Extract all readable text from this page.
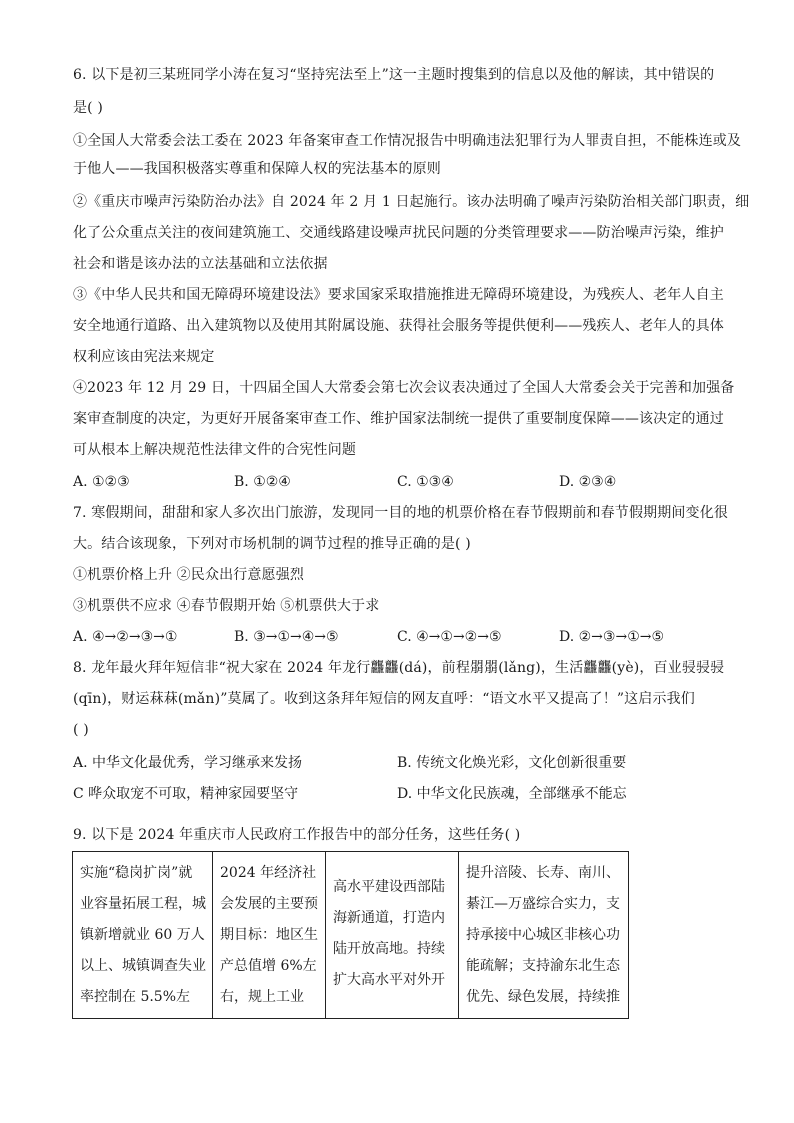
6. 以下是初三某班同学小涛在复习“坚持宪法至上”这一主题时搜集到的信息以及他的解读，其中错误的
是( )
①全国人大常委会法工委在 2023 年备案审查工作情况报告中明确违法犯罪行为人罪责自担，不能株连或及
于他人——我国积极落实尊重和保障人权的宪法基本的原则
②《重庆市噪声污染防治办法》自 2024 年 2 月 1 日起施行。该办法明确了噪声污染防治相关部门职责，细
化了公众重点关注的夜间建筑施工、交通线路建设噪声扰民问题的分类管理要求——防治噪声污染，维护
社会和谐是该办法的立法基础和立法依据
③《中华人民共和国无障碍环境建设法》要求国家采取措施推进无障碍环境建设，为残疾人、老年人自主
安全地通行道路、出入建筑物以及使用其附属设施、获得社会服务等提供便利——残疾人、老年人的具体
权利应该由宪法来规定
④2023 年 12 月 29 日，十四届全国人大常委会第七次会议表决通过了全国人大常委会关于完善和加强备
案审查制度的决定，为更好开展备案审查工作、维护国家法制统一提供了重要制度保障——该决定的通过
可从根本上解决规范性法律文件的合宪性问题
A. ①②③	B. ①②④	C. ①③④	D. ②③④
7. 寒假期间，甜甜和家人多次出门旅游，发现同一目的地的机票价格在春节假期前和春节假期期间变化很
大。结合该现象，下列对市场机制的调节过程的推导正确的是( )
①机票价格上升 ②民众出行意愿强烈
③机票供不应求 ④春节假期开始 ⑤机票供大于求
A. ④→②→③→①	B. ③→①→④→⑤	C. ④→①→②→⑤	D. ②→③→①→⑤
8. 龙年最火拜年短信非“祝大家在 2024 年龙行龘龘(dá)，前程朤朤(lǎng)，生活龘龘(yè)，百业骎骎骎
(qīn)，财运菻菻(mǎn)”莫属了。收到这条拜年短信的网友直呼：“语文水平又提高了！”这启示我们
( )
A. 中华文化最优秀，学习继承来发扬	B. 传统文化焕光彩，文化创新很重要
C 哗众取宠不可取，精神家园要坚守	D. 中华文化民族魂，全部继承不能忘
9. 以下是 2024 年重庆市人民政府工作报告中的部分任务，这些任务( )
实施“稳岗扩岗”就业容量拓展工程，城镇新增就业 60 万人以上、城镇调查失业率控制在 5.5%左	2024 年经济社会发展的主要预期目标：地区生产总值增 6%左右，规上工业	高水平建设西部陆海新通道，打造内陆开放高地。持续扩大高水平对外开	提升涪陵、长寿、南川、綦江—万盛综合实力，支持承接中心城区非核心功能疏解；支持渝东北生态优先、绿色发展，持续推
